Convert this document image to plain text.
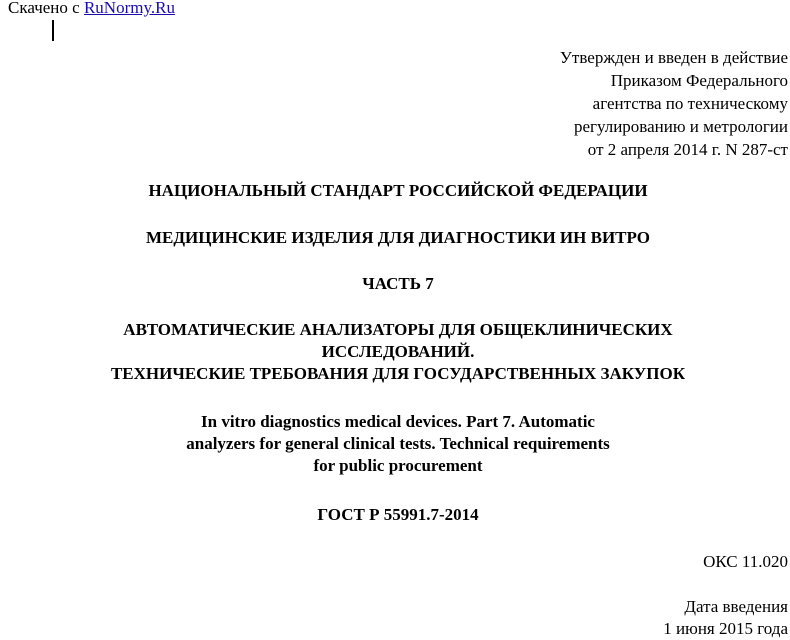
Скачено с RuNormy.Ru
Утвержден и введен в действие
Приказом Федерального
агентства по техническому
регулированию и метрологии
от 2 апреля 2014 г. N 287-ст
НАЦИОНАЛЬНЫЙ СТАНДАРТ РОССИЙСКОЙ ФЕДЕРАЦИИ
МЕДИЦИНСКИЕ ИЗДЕЛИЯ ДЛЯ ДИАГНОСТИКИ ИН ВИТРО
ЧАСТЬ 7
АВТОМАТИЧЕСКИЕ АНАЛИЗАТОРЫ ДЛЯ ОБЩЕКЛИНИЧЕСКИХ
ИССЛЕДОВАНИЙ.
ТЕХНИЧЕСКИЕ ТРЕБОВАНИЯ ДЛЯ ГОСУДАРСТВЕННЫХ ЗАКУПОК
In vitro diagnostics medical devices. Part 7. Automatic
analyzers for general clinical tests. Technical requirements
for public procurement
ГОСТ Р 55991.7-2014
ОКС 11.020
Дата введения
1 июня 2015 года
